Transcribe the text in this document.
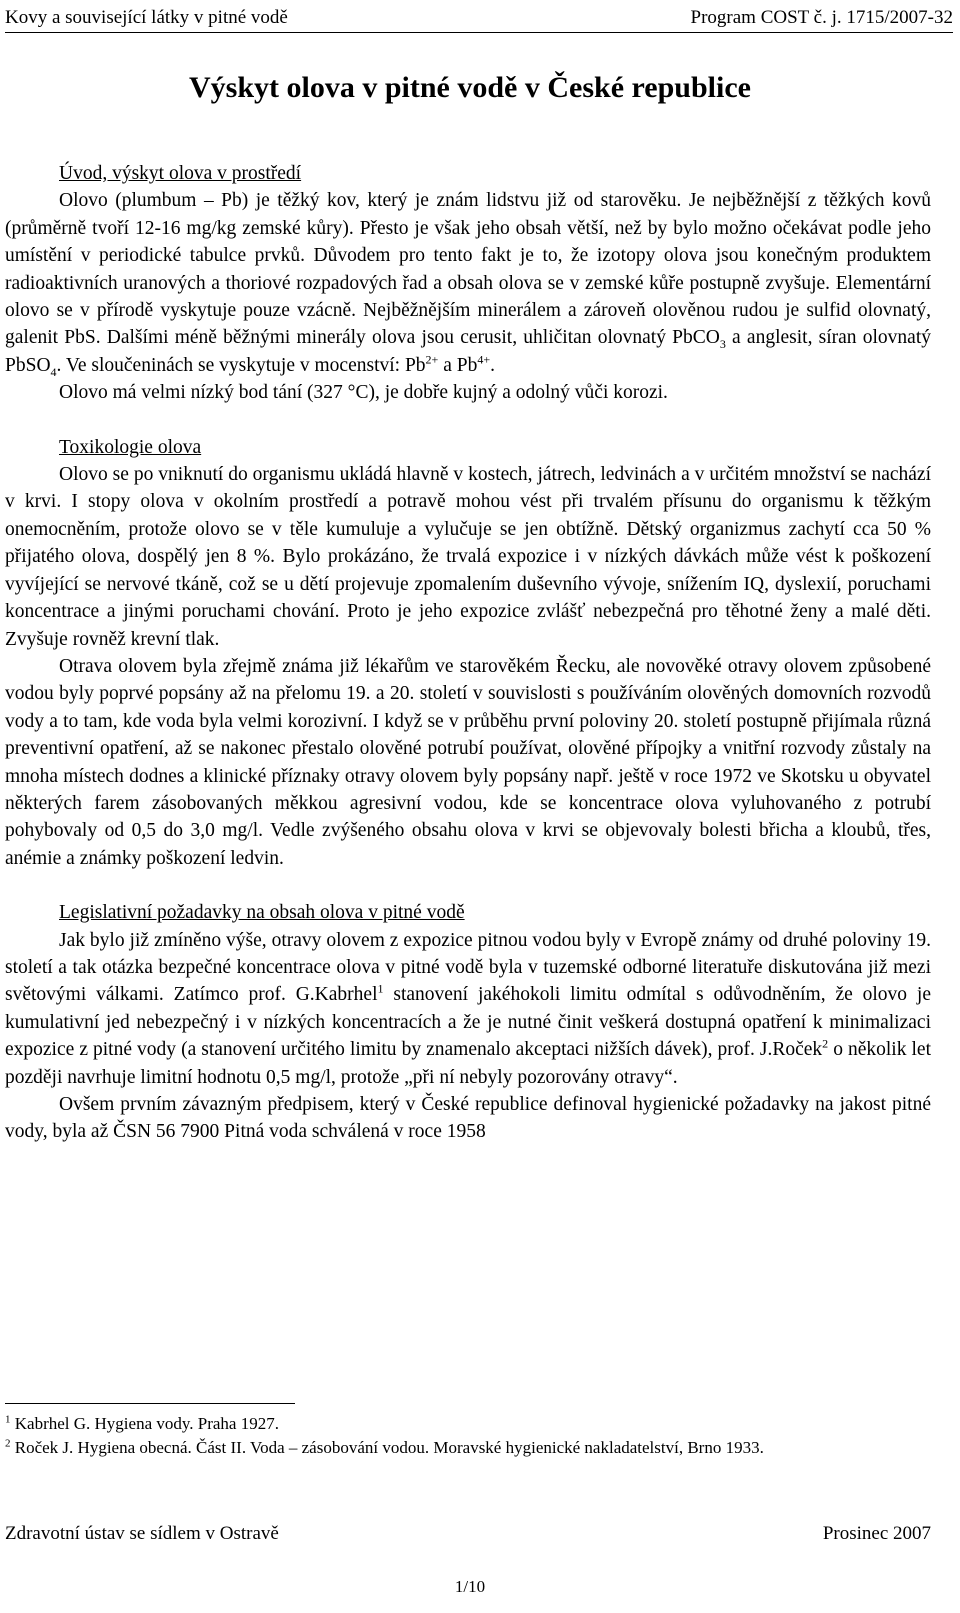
Kovy a související látky v pitné vodě	Program COST č. j. 1715/2007-32
Výskyt olova v pitné vodě v České republice
Úvod, výskyt olova v prostředí

Olovo (plumbum – Pb) je těžký kov, který je znám lidstvu již od starověku. Je nejběžnější z těžkých kovů (průměrně tvoří 12-16 mg/kg zemské kůry). Přesto je však jeho obsah větší, než by bylo možno očekávat podle jeho umístění v periodické tabulce prvků. Důvodem pro tento fakt je to, že izotopy olova jsou konečným produktem radioaktivních uranových a thoriové rozpadových řad a obsah olova se v zemské kůře postupně zvyšuje. Elementární olovo se v přírodě vyskytuje pouze vzácně. Nejběžnějším minerálem a zároveň olověnou rudou je sulfid olovnatý, galenit PbS. Dalšími méně běžnými minerály olova jsou cerusit, uhličitan olovnatý PbCO$_3$ a anglesit, síran olovnatý PbSO$_4$. Ve sloučeninách se vyskytuje v mocenství: $Pb^{2+}$ a $Pb^{4+}$.

Olovo má velmi nízký bod tání (327 °C), je dobře kujný a odolný vůči korozi.

Toxikologie olova

Olovo se po vniknutí do organismu ukládá hlavně v kostech, játrech, ledvinách a v určitém množství se nachází v krvi. I stopy olova v okolním prostředí a potravě mohou vést při trvalém přísunu do organismu k těžkým onemocněním, protože olovo se v těle kumuluje a vylučuje se jen obtížně. Dětský organizmus zachytí cca 50 % přijatého olova, dospělý jen 8 %. Bylo prokázáno, že trvalá expozice i v nízkých dávkách může vést k poškození vyvíjející se nervové tkáně, což se u dětí projevuje zpomalením duševního vývoje, snížením IQ, dyslexií, poruchami koncentrace a jinými poruchami chování. Proto je jeho expozice zvlášť nebezpečná pro těhotné ženy a malé děti. Zvyšuje rovněž krevní tlak.

Otrava olovem byla zřejmě známa již lékařům ve starověkém Řecku, ale novověké otravy olovem způsobené vodou byly poprvé popsány až na přelomu 19. a 20. století v souvislosti s používáním olověných domovních rozvodů vody a to tam, kde voda byla velmi korozivní. I když se v průběhu první poloviny 20. století postupně přijímala různá preventivní opatření, až se nakonec přestalo olověné potrubí používat, olověné přípojky a vnitřní rozvody zůstaly na mnoha místech dodnes a klinické příznaky otravy olovem byly popsány např. ještě v roce 1972 ve Skotsku u obyvatel některých farem zásobovaných měkkou agresivní vodou, kde se koncentrace olova vyluhovaného z potrubí pohybovaly od 0,5 do 3,0 mg/l. Vedle zvýšeného obsahu olova v krvi se objevovaly bolesti břicha a kloubů, třes, anémie a známky poškození ledvin.

Legislativní požadavky na obsah olova v pitné vodě

Jak bylo již zmíněno výše, otravy olovem z expozice pitnou vodou byly v Evropě známy od druhé poloviny 19. století a tak otázka bezpečné koncentrace olova v pitné vodě byla v tuzemské odborné literatuře diskutována již mezi světovými válkami. Zatímco prof. G.Kabrhel$^1$ stanovení jakéhokoli limitu odmítal s odůvodněním, že olovo je kumulativní jed nebezpečný i v nízkých koncentracích a že je nutné činit veškerá dostupná opatření k minimalizaci expozice z pitné vody (a stanovení určitého limitu by znamenalo akceptaci nižších dávek), prof. J.Roček$^2$ o několik let později navrhuje limitní hodnotu 0,5 mg/l, protože „při ní nebyly pozorovány otravy“.

Ovšem prvním závazným předpisem, který v České republice definoval hygienické požadavky na jakost pitné vody, byla až ČSN 56 7900 Pitná voda schválená v roce 1958

$^1$ Kabrhel G. Hygiena vody. Praha 1927.
$^2$ Roček J. Hygiena obecná. Část II. Voda – zásobování vodou. Moravské hygienické nakladatelství, Brno 1933.
Zdravotní ústav se sídlem v Ostravě	Prosinec 2007
1/10
